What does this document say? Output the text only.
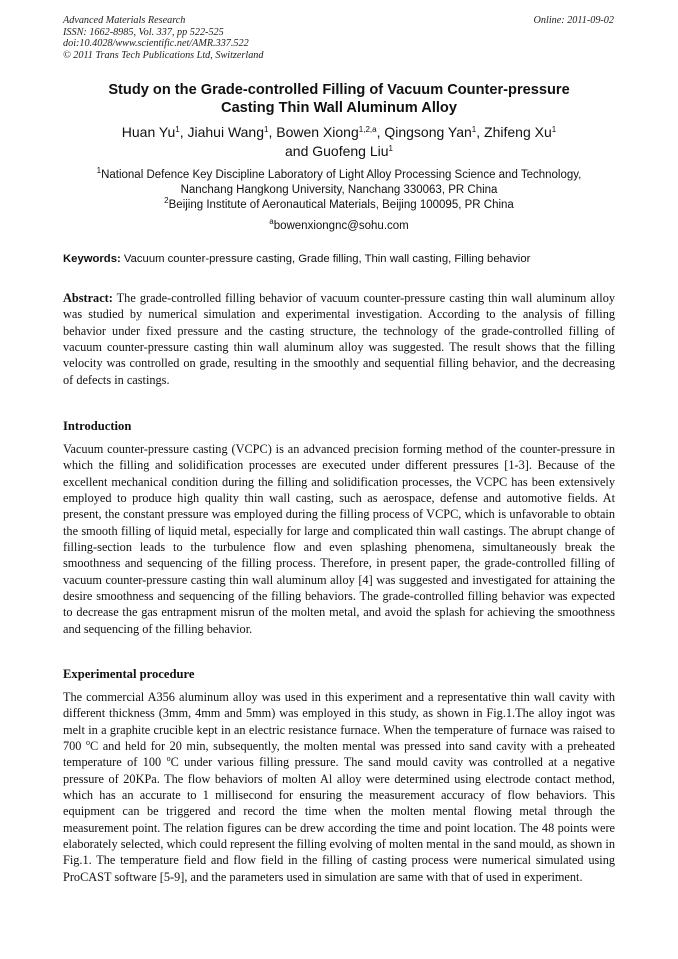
Advanced Materials Research
ISSN: 1662-8985, Vol. 337, pp 522-525
doi:10.4028/www.scientific.net/AMR.337.522
© 2011 Trans Tech Publications Ltd, Switzerland
Online: 2011-09-02
Study on the Grade-controlled Filling of Vacuum Counter-pressure
Casting Thin Wall Aluminum Alloy
Huan Yu$^1$, Jiahui Wang$^1$, Bowen Xiong$^{1,2,a}$, Qingsong Yan$^1$, Zhifeng Xu$^1$
and Guofeng Liu$^1$
$^1$National Defence Key Discipline Laboratory of Light Alloy Processing Science and Technology,
Nanchang Hangkong University, Nanchang 330063, PR China
$^2$Beijing Institute of Aeronautical Materials, Beijing 100095, PR China
$^a$bowenxiongnc@sohu.com
Keywords: Vacuum counter-pressure casting, Grade filling, Thin wall casting, Filling behavior
Abstract: The grade-controlled filling behavior of vacuum counter-pressure casting thin wall aluminum alloy was studied by numerical simulation and experimental investigation. According to the analysis of filling behavior under fixed pressure and the casting structure, the technology of the grade-controlled filling of vacuum counter-pressure casting thin wall aluminum alloy was suggested. The result shows that the filling velocity was controlled on grade, resulting in the smoothly and sequential filling behavior, and the decreasing of defects in castings.
Introduction
Vacuum counter-pressure casting (VCPC) is an advanced precision forming method of the counter-pressure in which the filling and solidification processes are executed under different pressures [1-3]. Because of the excellent mechanical condition during the filling and solidification processes, the VCPC has been extensively employed to produce high quality thin wall casting, such as aerospace, defense and automotive fields. At present, the constant pressure was employed during the filling process of VCPC, which is unfavorable to obtain the smooth filling of liquid metal, especially for large and complicated thin wall castings. The abrupt change of filling-section leads to the turbulence flow and even splashing phenomena, simultaneously break the smoothness and sequencing of the filling process. Therefore, in present paper, the grade-controlled filling of vacuum counter-pressure casting thin wall aluminum alloy [4] was suggested and investigated for attaining the desire smoothness and sequencing of the filling behaviors. The grade-controlled filling behavior was expected to decrease the gas entrapment misrun of the molten metal, and avoid the splash for achieving the smoothness and sequencing of the filling behavior.
Experimental procedure
The commercial A356 aluminum alloy was used in this experiment and a representative thin wall cavity with different thickness (3mm, 4mm and 5mm) was employed in this study, as shown in Fig.1.The alloy ingot was melt in a graphite crucible kept in an electric resistance furnace. When the temperature of furnace was raised to 700 $^o$C and held for 20 min, subsequently, the molten mental was pressed into sand cavity with a preheated temperature of 100 $^o$C under various filling pressure. The sand mould cavity was controlled at a negative pressure of 20KPa. The flow behaviors of molten Al alloy were determined using electrode contact method, which has an accurate to 1 millisecond for ensuring the measurement accuracy of flow behaviors. This equipment can be triggered and record the time when the molten mental flowing metal through the measurement point. The relation figures can be drew according the time and point location. The 48 points were elaborately selected, which could represent the filling evolving of molten mental in the sand mould, as shown in Fig.1. The temperature field and flow field in the filling of casting process were numerical simulated using ProCAST software [5-9], and the parameters used in simulation are same with that of used in experiment.
